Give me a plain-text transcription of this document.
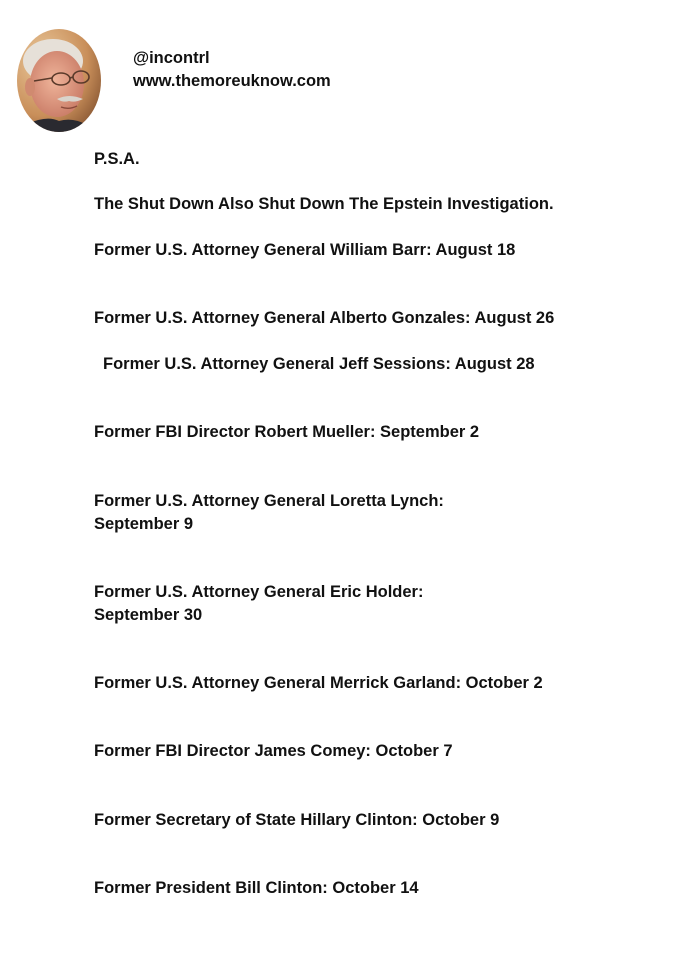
@incontrl
www.themoreuknow.com
P.S.A.
The Shut Down Also Shut Down The Epstein Investigation.
Former U.S. Attorney General William Barr: August 18
Former U.S. Attorney General Alberto Gonzales: August 26
Former U.S. Attorney General Jeff Sessions: August 28
Former FBI Director Robert Mueller: September 2
Former U.S. Attorney General Loretta Lynch:
September 9
Former U.S. Attorney General Eric Holder:
September 30
Former U.S. Attorney General Merrick Garland: October 2
Former FBI Director James Comey: October 7
Former Secretary of State Hillary Clinton: October 9
Former President Bill Clinton: October 14
